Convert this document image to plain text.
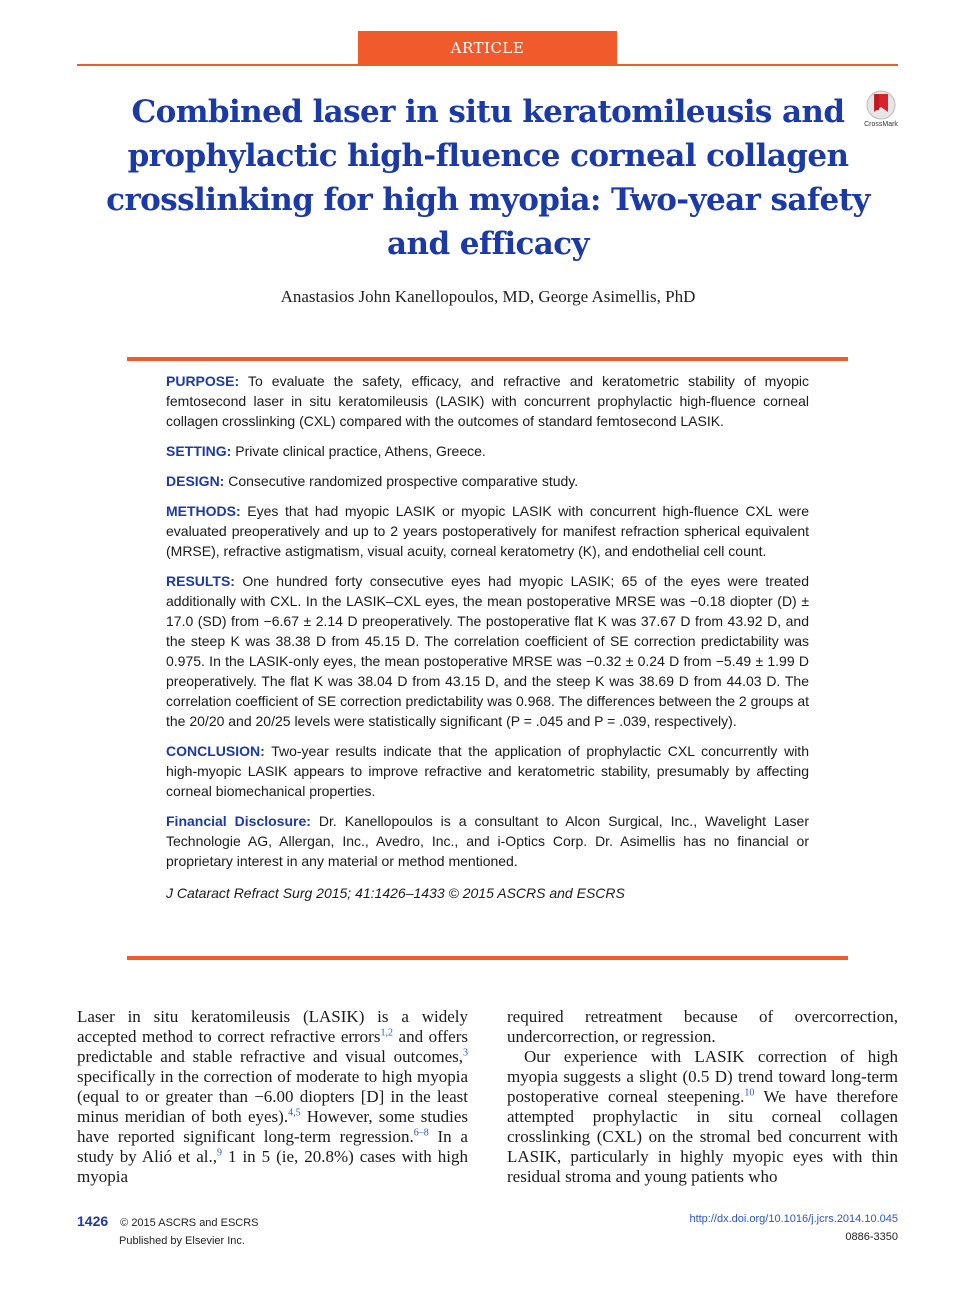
ARTICLE
Combined laser in situ keratomileusis and prophylactic high-fluence corneal collagen crosslinking for high myopia: Two-year safety and efficacy
CrossMark
Anastasios John Kanellopoulos, MD, George Asimellis, PhD

PURPOSE: To evaluate the safety, efficacy, and refractive and keratometric stability of myopic femtosecond laser in situ keratomileusis (LASIK) with concurrent prophylactic high-fluence corneal collagen crosslinking (CXL) compared with the outcomes of standard femtosecond LASIK.

SETTING: Private clinical practice, Athens, Greece.

DESIGN: Consecutive randomized prospective comparative study.

METHODS: Eyes that had myopic LASIK or myopic LASIK with concurrent high-fluence CXL were evaluated preoperatively and up to 2 years postoperatively for manifest refraction spherical equivalent (MRSE), refractive astigmatism, visual acuity, corneal keratometry (K), and endothelial cell count.

RESULTS: One hundred forty consecutive eyes had myopic LASIK; 65 of the eyes were treated additionally with CXL. In the LASIK–CXL eyes, the mean postoperative MRSE was −0.18 diopter (D) ± 17.0 (SD) from −6.67 ± 2.14 D preoperatively. The postoperative flat K was 37.67 D from 43.92 D, and the steep K was 38.38 D from 45.15 D. The correlation coefficient of SE correction predictability was 0.975. In the LASIK-only eyes, the mean postoperative MRSE was −0.32 ± 0.24 D from −5.49 ± 1.99 D preoperatively. The flat K was 38.04 D from 43.15 D, and the steep K was 38.69 D from 44.03 D. The correlation coefficient of SE correction predictability was 0.968. The differences between the 2 groups at the 20/20 and 20/25 levels were statistically significant (P = .045 and P = .039, respectively).

CONCLUSION: Two-year results indicate that the application of prophylactic CXL concurrently with high-myopic LASIK appears to improve refractive and keratometric stability, presumably by affecting corneal biomechanical properties.

Financial Disclosure: Dr. Kanellopoulos is a consultant to Alcon Surgical, Inc., Wavelight Laser Technologie AG, Allergan, Inc., Avedro, Inc., and i-Optics Corp. Dr. Asimellis has no financial or proprietary interest in any material or method mentioned.

J Cataract Refract Surg 2015; 41:1426–1433 © 2015 ASCRS and ESCRS

Laser in situ keratomileusis (LASIK) is a widely accepted method to correct refractive errors$^{1,2}$ and offers predictable and stable refractive and visual outcomes,$^3$ specifically in the correction of moderate to high myopia (equal to or greater than −6.00 diopters [D] in the least minus meridian of both eyes).$^{4,5}$ However, some studies have reported significant long-term regression.$^{6-8}$ In a study by Alió et al.,$^9$ 1 in 5 (ie, 20.8%) cases with high myopia

required retreatment because of overcorrection, undercorrection, or regression.

Our experience with LASIK correction of high myopia suggests a slight (0.5 D) trend toward long-term postoperative corneal steepening.$^{10}$ We have therefore attempted prophylactic in situ corneal collagen crosslinking (CXL) on the stromal bed concurrent with LASIK, particularly in highly myopic eyes with thin residual stroma and young patients who

1426 © 2015 ASCRS and ESCRS
Published by Elsevier Inc.
http://dx.doi.org/10.1016/j.jcrs.2014.10.045
0886-3350
